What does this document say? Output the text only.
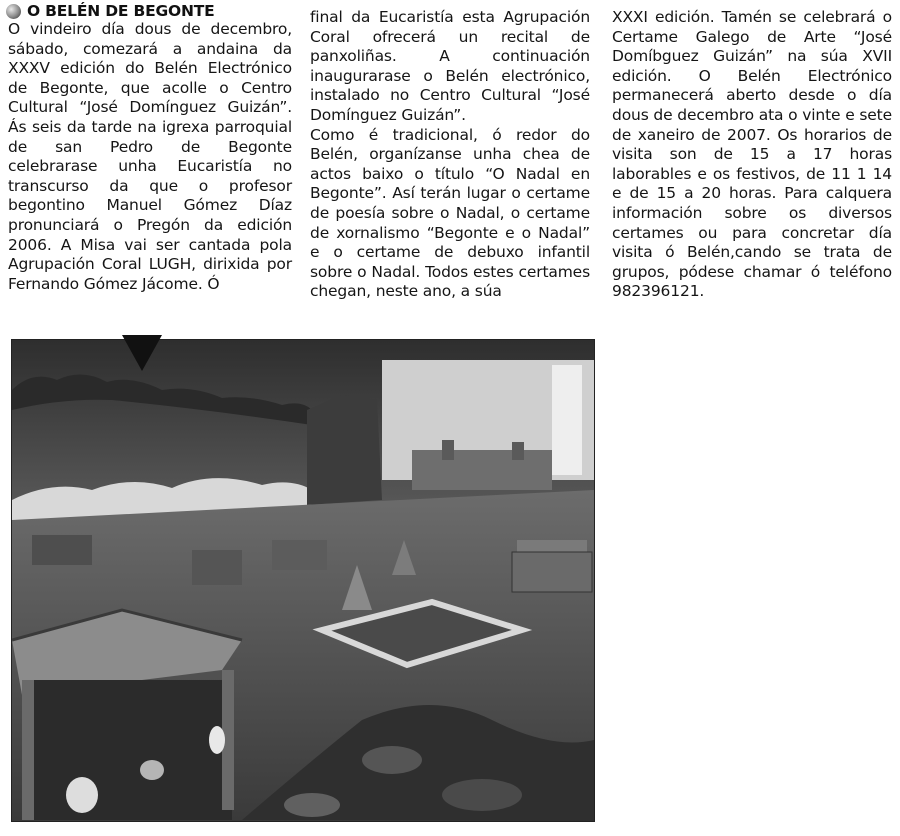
O BELÉN DE BEGONTE

O vindeiro día dous de decembro, sábado, comezará a andaina da XXXV edición do Belén Electrónico de Begonte, que acolle o Centro Cultural “José Domínguez Guizán”. Ás seis da tarde na igrexa parroquial de san Pedro de Begonte celebrarase unha Eucaristía no transcurso da que o profesor begontino Manuel Gómez Díaz pronunciará o Pregón da edición 2006. A Misa vai ser cantada pola Agrupación Coral LUGH, dirixida por Fernando Gómez Jácome. Ó

final da Eucaristía esta Agrupación Coral ofrecerá un recital de panxoliñas. A continuación inaugurarase o Belén electrónico, instalado no Centro Cultural “José Domínguez Guizán”.

Como é tradicional, ó redor do Belén, organízanse unha chea de actos baixo o título “O Nadal en Begonte”. Así terán lugar o certame de poesía sobre o Nadal, o certame de xornalismo “Begonte e o Nadal” e o certame de debuxo infantil sobre o Nadal. Todos estes certames chegan, neste ano, a súa

XXXI edición. Tamén se celebrará o Certame Galego de Arte “José Domíbguez Guizán” na súa XVII edición. O Belén Electrónico permanecerá aberto desde o día dous de decembro ata o vinte e sete de xaneiro de 2007. Os horarios de visita son de 15 a 17 horas laborables e os festivos, de 11 1 14 e de 15 a 20 horas. Para calquera información sobre os diversos certames ou para concretar día visita ó Belén,cando se trata de grupos, pódese chamar ó teléfono 982396121.
